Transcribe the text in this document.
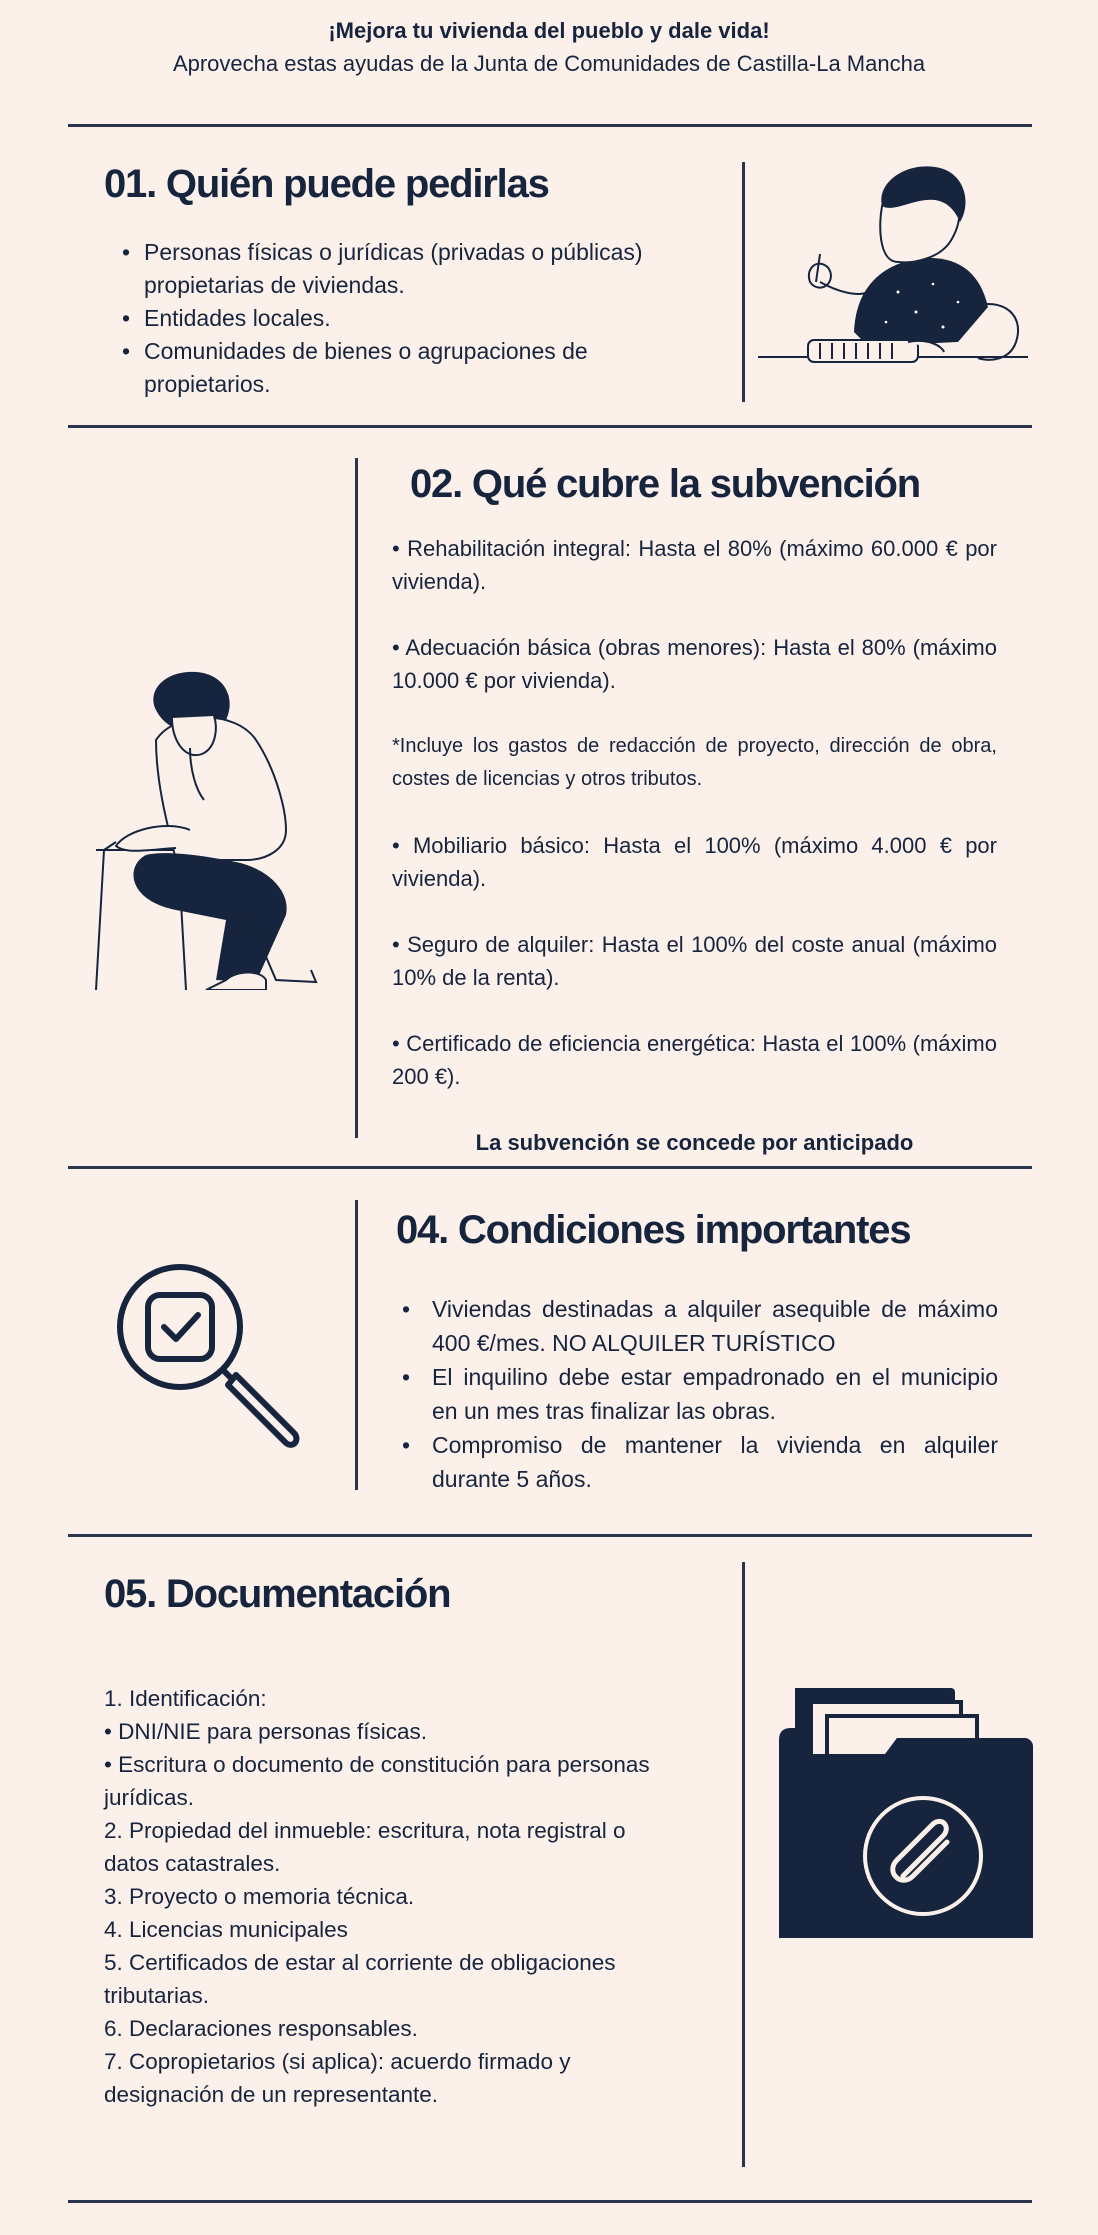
¡Mejora tu vivienda del pueblo y dale vida!
Aprovecha estas ayudas de la Junta de Comunidades de Castilla-La Mancha
01. Quién puede pedirlas
• Personas físicas o jurídicas (privadas o públicas) propietarias de viviendas.
• Entidades locales.
• Comunidades de bienes o agrupaciones de propietarios.
02. Qué cubre la subvención

• Rehabilitación integral: Hasta el 80% (máximo 60.000 € por vivienda).

• Adecuación básica (obras menores): Hasta el 80% (máximo 10.000 € por vivienda).

*Incluye los gastos de redacción de proyecto, dirección de obra, costes de licencias y otros tributos.

• Mobiliario básico: Hasta el 100% (máximo 4.000 € por vivienda).

• Seguro de alquiler: Hasta el 100% del coste anual (máximo 10% de la renta).

• Certificado de eficiencia energética: Hasta el 100% (máximo 200 €).

La subvención se concede por anticipado

04. Condiciones importantes
• Viviendas destinadas a alquiler asequible de máximo 400 €/mes. NO ALQUILER TURÍSTICO
• El inquilino debe estar empadronado en el municipio en un mes tras finalizar las obras.
• Compromiso de mantener la vivienda en alquiler durante 5 años.
05. Documentación
1. Identificación:
• DNI/NIE para personas físicas.
• Escritura o documento de constitución para personas jurídicas.
2. Propiedad del inmueble: escritura, nota registral o datos catastrales.
3. Proyecto o memoria técnica.
4. Licencias municipales
5. Certificados de estar al corriente de obligaciones tributarias.
6. Declaraciones responsables.
7. Copropietarios (si aplica): acuerdo firmado y designación de un representante.
